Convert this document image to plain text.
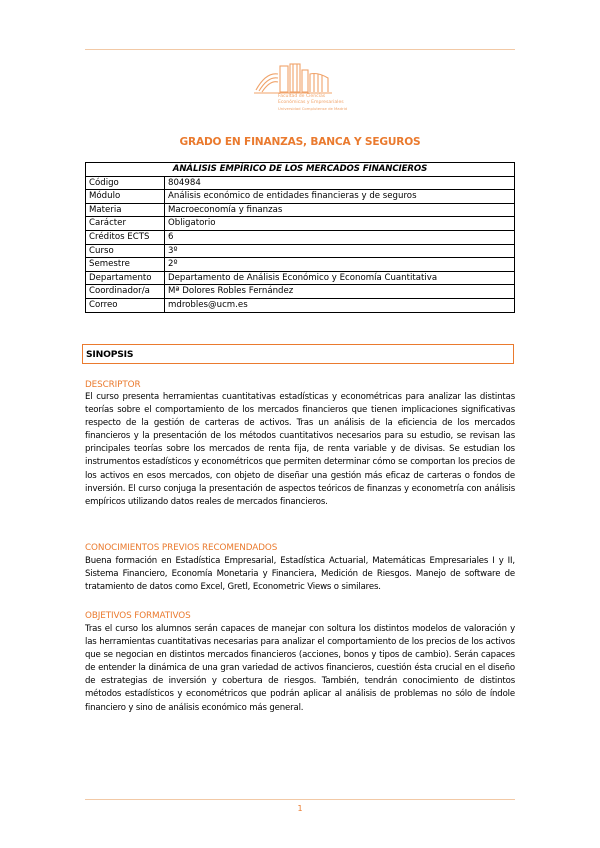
Facultad de Ciencias
Económicas y Empresariales
Universidad Complutense de Madrid
GRADO EN FINANZAS, BANCA Y SEGUROS
ANÁLISIS EMPÍRICO DE LOS MERCADOS FINANCIEROS	
Código	804984
Módulo	Análisis económico de entidades financieras y de seguros
Materia	Macroeconomía y finanzas
Carácter	Obligatorio
Créditos ECTS	6
Curso	3º
Semestre	2º
Departamento	Departamento de Análisis Económico y Economía Cuantitativa
Coordinador/a	Mª Dolores Robles Fernández
Correo	mdrobles@ucm.es
SINOPSIS
DESCRIPTOR
El curso presenta herramientas cuantitativas estadísticas y econométricas para analizar las distintas teorías sobre el comportamiento de los mercados financieros que tienen implicaciones significativas respecto de la gestión de carteras de activos. Tras un análisis de la eficiencia de los mercados financieros y la presentación de los métodos cuantitativos necesarios para su estudio, se revisan las principales teorías sobre los mercados de renta fija, de renta variable y de divisas. Se estudian los instrumentos estadísticos y econométricos que permiten determinar cómo se comportan los precios de los activos en esos mercados, con objeto de diseñar una gestión más eficaz de carteras o fondos de inversión. El curso conjuga la presentación de aspectos teóricos de finanzas y econometría con análisis empíricos utilizando datos reales de mercados financieros.
CONOCIMIENTOS PREVIOS RECOMENDADOS
Buena formación en Estadística Empresarial, Estadística Actuarial, Matemáticas Empresariales I y II, Sistema Financiero, Economía Monetaria y Financiera, Medición de Riesgos. Manejo de software de tratamiento de datos como Excel, Gretl, Econometric Views o similares.
OBJETIVOS FORMATIVOS
Tras el curso los alumnos serán capaces de manejar con soltura los distintos modelos de valoración y las herramientas cuantitativas necesarias para analizar el comportamiento de los precios de los activos que se negocian en distintos mercados financieros (acciones, bonos y tipos de cambio). Serán capaces de entender la dinámica de una gran variedad de activos financieros, cuestión ésta crucial en el diseño de estrategias de inversión y cobertura de riesgos. También, tendrán conocimiento de distintos métodos estadísticos y econométricos que podrán aplicar al análisis de problemas no sólo de índole financiero y sino de análisis económico más general.
1
